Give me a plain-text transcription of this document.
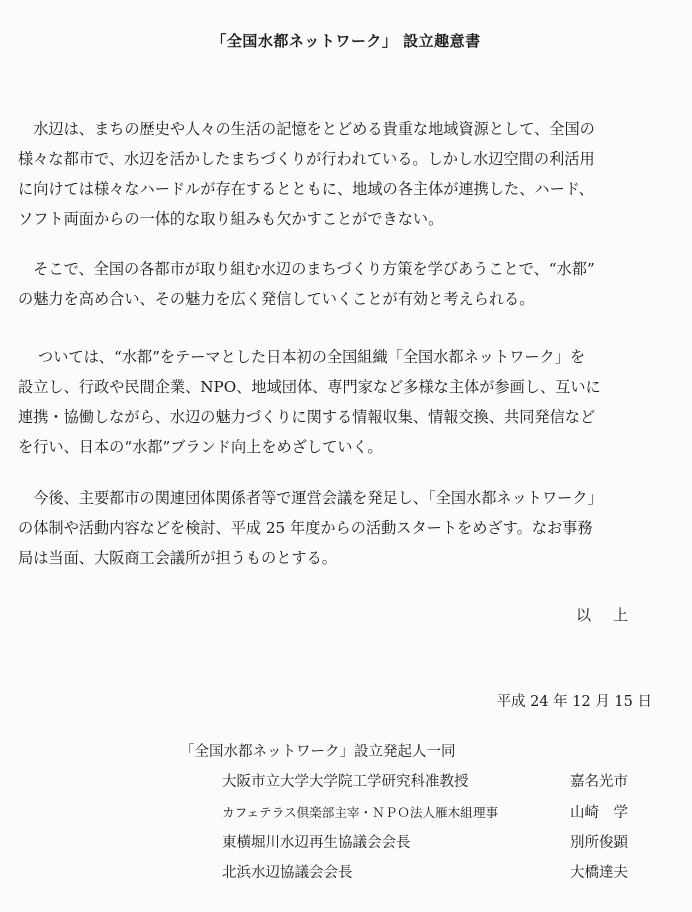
「全国水都ネットワーク」 設立趣意書

　水辺は、まちの歴史や人々の生活の記憶をとどめる貴重な地域資源として、全国の
様々な都市で、水辺を活かしたまちづくりが行われている。しかし水辺空間の利活用
に向けては様々なハードルが存在するとともに、地域の各主体が連携した、ハード、
ソフト両面からの一体的な取り組みも欠かすことができない。

　そこで、全国の各都市が取り組む水辺のまちづくり方策を学びあうことで、“水都”
の魅力を高め合い、その魅力を広く発信していくことが有効と考えられる。

　 ついては、“水都”をテーマとした日本初の全国組織「全国水都ネットワーク」を
設立し、行政や民間企業、NPO、地域団体、専門家など多様な主体が参画し、互いに
連携・協働しながら、水辺の魅力づくりに関する情報収集、情報交換、共同発信など
を行い、日本の“水都”ブランド向上をめざしていく。

　今後、主要都市の関連団体関係者等で運営会議を発足し、「全国水都ネットワーク」
の体制や活動内容などを検討、平成 25 年度からの活動スタートをめざす。なお事務
局は当面、大阪商工会議所が担うものとする。

以上
平成 24 年 12 月 15 日
「全国水都ネットワーク」設立発起人一同
大阪市立大学大学院工学研究科准教授	嘉名光市
カフェテラス倶楽部主宰・ＮＰＯ法人雁木組理事	山崎　学
東横堀川水辺再生協議会会長	別所俊顕
北浜水辺協議会会長	大橋達夫
